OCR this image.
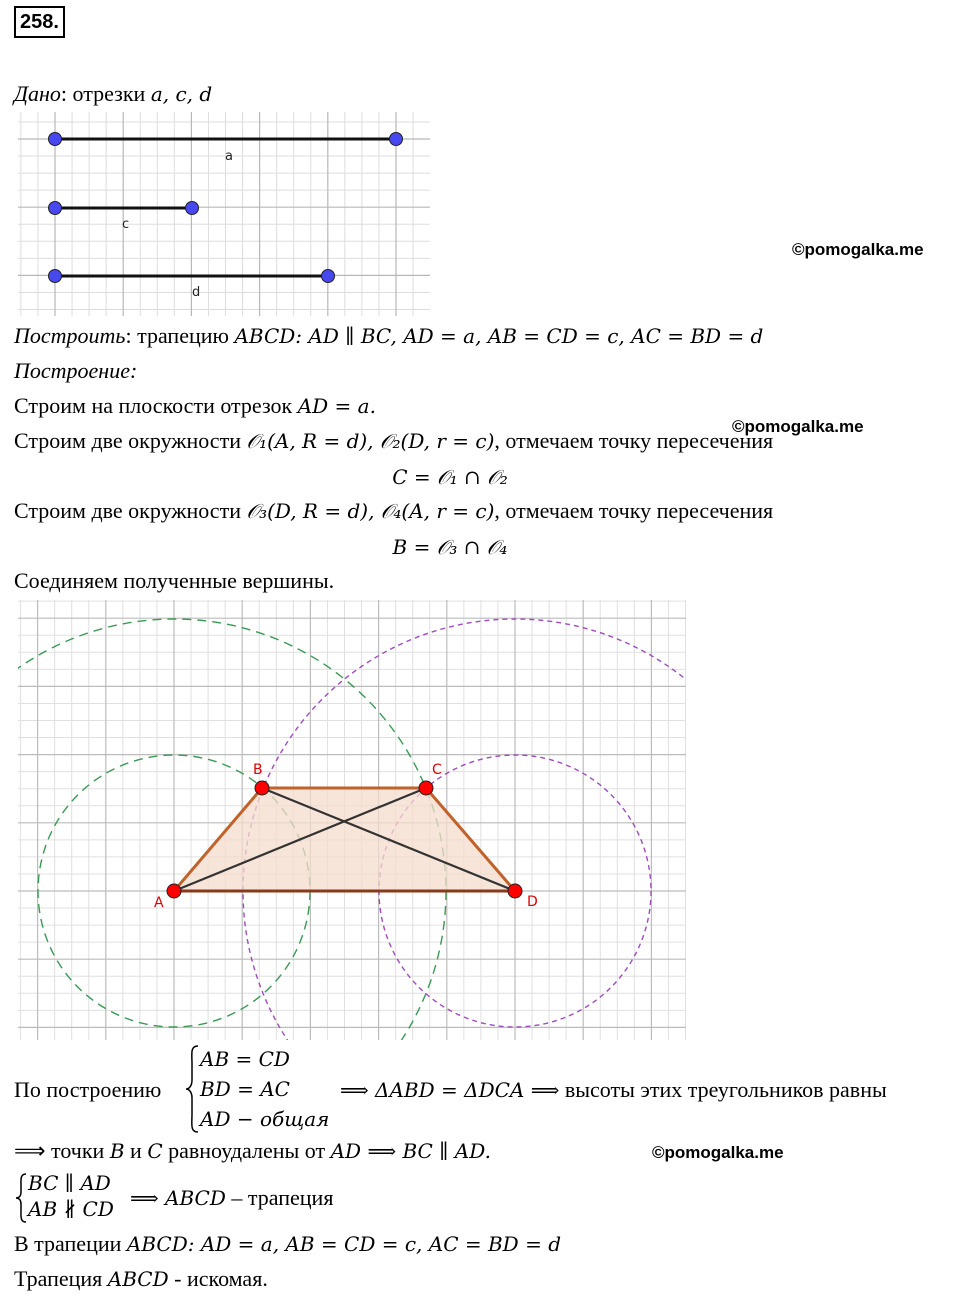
258.
Дано: отрезки a, c, d
a
c
d
©pomogalka.me
Построить: трапецию ABCD: AD ∥ BC, AD = a, AB = CD = c, AC = BD = d
Построение:
Строим на плоскости отрезок AD = a.
©pomogalka.me
Строим две окружности 𝒪₁(A, R = d), 𝒪₂(D, r = c), отмечаем точку пересечения
C = 𝒪₁ ∩ 𝒪₂
Строим две окружности 𝒪₃(D, R = d), 𝒪₄(A, r = c), отмечаем точку пересечения
B = 𝒪₃ ∩ 𝒪₄
Соединяем полученные вершины.
A
B	C
D
По построению
AB = CD
BD = AC
AD − общая
⟹ ΔABD = ΔDCA ⟹ высоты этих треугольников равны
⟹ точки B и C равноудалены от AD ⟹ BC ∥ AD.	©pomogalka.me
BC ∥ AD
AB ∦ CD ⟹ ABCD – трапеция
В трапеции ABCD: AD = a, AB = CD = c, AC = BD = d
Трапеция ABCD - искомая.
